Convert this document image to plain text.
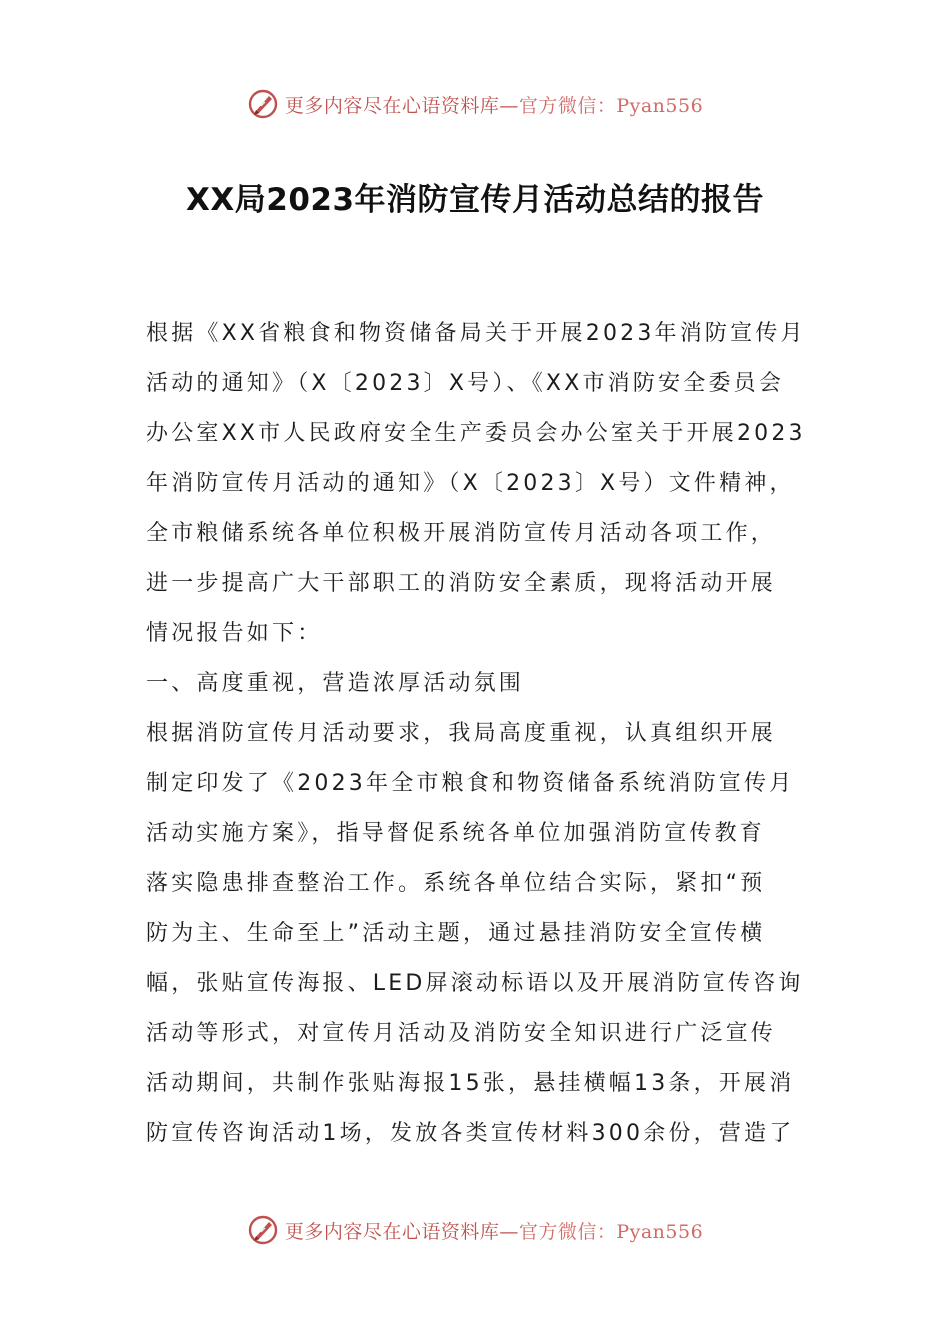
更多内容尽在心语资料库—官方微信：Pyan556
XX局2023年消防宣传月活动总结的报告
根据《XX省粮食和物资储备局关于开展2023年消防宣传月
活动的通知》（X〔2023〕X号）、《XX市消防安全委员会
办公室XX市人民政府安全生产委员会办公室关于开展2023
年消防宣传月活动的通知》（X〔2023〕X号）文件精神，
全市粮储系统各单位积极开展消防宣传月活动各项工作，
进一步提高广大干部职工的消防安全素质，现将活动开展
情况报告如下：
一、高度重视，营造浓厚活动氛围
根据消防宣传月活动要求，我局高度重视，认真组织开展
制定印发了《2023年全市粮食和物资储备系统消防宣传月
活动实施方案》，指导督促系统各单位加强消防宣传教育
落实隐患排查整治工作。系统各单位结合实际，紧扣“预
防为主、生命至上”活动主题，通过悬挂消防安全宣传横
幅，张贴宣传海报、LED屏滚动标语以及开展消防宣传咨询
活动等形式，对宣传月活动及消防安全知识进行广泛宣传
活动期间，共制作张贴海报15张，悬挂横幅13条，开展消
防宣传咨询活动1场，发放各类宣传材料300余份，营造了
更多内容尽在心语资料库—官方微信：Pyan556
